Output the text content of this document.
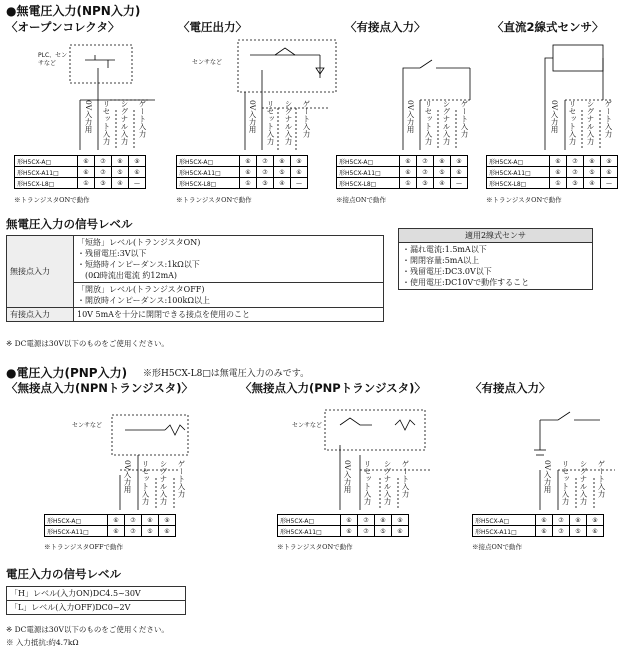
●無電圧入力(NPN入力)
〈オープンコレクタ〉	〈電圧出力〉	〈有接点入力〉	〈直流2線式センサ〉
PLC、センサなど	センサなど
0V入力用 リセット入力 シグナル入力 ゲート入力	0V入力用 リセット入力 シグナル入力 ゲート入力	0V入力用 リセット入力 シグナル入力 ゲート入力	0V入力用 リセット入力 シグナル入力 ゲート入力
形H5CX-A□	⑥	⑦	⑧	⑨
形H5CX-A11□	⑥	⑦	⑤	⑥
形H5CX-L8□	①	③	④	—
形H5CX-A□	⑥	⑦	⑧	⑨
形H5CX-A11□	⑥	⑦	⑤	⑥
形H5CX-L8□	①	③	④	—
形H5CX-A□	⑥	⑦	⑧	⑨
形H5CX-A11□	⑥	⑦	⑤	⑥
形H5CX-L8□	①	③	④	—
形H5CX-A□	⑥	⑦	⑧	⑨
形H5CX-A11□	⑥	⑦	⑤	⑥
形H5CX-L8□	①	③	④	—
※トランジスタONで動作	※トランジスタONで動作	※接点ONで動作	※トランジスタONで動作
無電圧入力の信号レベル
無接点入力	「短絡」レベル(トランジスタON)
・残留電圧:3V以下
・短絡時インピーダンス:1kΩ以下
(0Ω時流出電流 約12mA)

	「開放」レベル(トランジスタOFF)
・開放時インピーダンス:100kΩ以上

有接点入力	10V 5mAを十分に開閉できる接点を使用のこと
※ DC電源は30V以下のものをご使用ください。
適用2線式センサ

・漏れ電流:1.5mA以下
・開閉容量:5mA以上
・残留電圧:DC3.0V以下
・使用電圧:DC10Vで動作すること
●電圧入力(PNP入力) ※形H5CX-L8□は無電圧入力のみです。
〈無接点入力(NPNトランジスタ)〉	〈無接点入力(PNPトランジスタ)〉	〈有接点入力〉
センサなど	センサなど
0V入力用 リセット入力 シグナル入力 ゲート入力	0V入力用 リセット入力 シグナル入力 ゲート入力	0V入力用 リセット入力 シグナル入力 ゲート入力
形H5CX-A□	⑥	⑦	⑧	⑨
形H5CX-A11□	⑥	⑦	⑤	⑥
形H5CX-A□	⑥	⑦	⑧	⑨
形H5CX-A11□	⑥	⑦	⑤	⑥
形H5CX-A□	⑥	⑦	⑧	⑨
形H5CX-A11□	⑥	⑦	⑤	⑥
※トランジスタOFFで動作	※トランジスタONで動作	※接点ONで動作
電圧入力の信号レベル
「H」レベル(入力ON)DC4.5~30V
「L」レベル(入力OFF)DC0~2V
※ DC電源は30V以下のものをご使用ください。
※ 入力抵抗:約4.7kΩ
